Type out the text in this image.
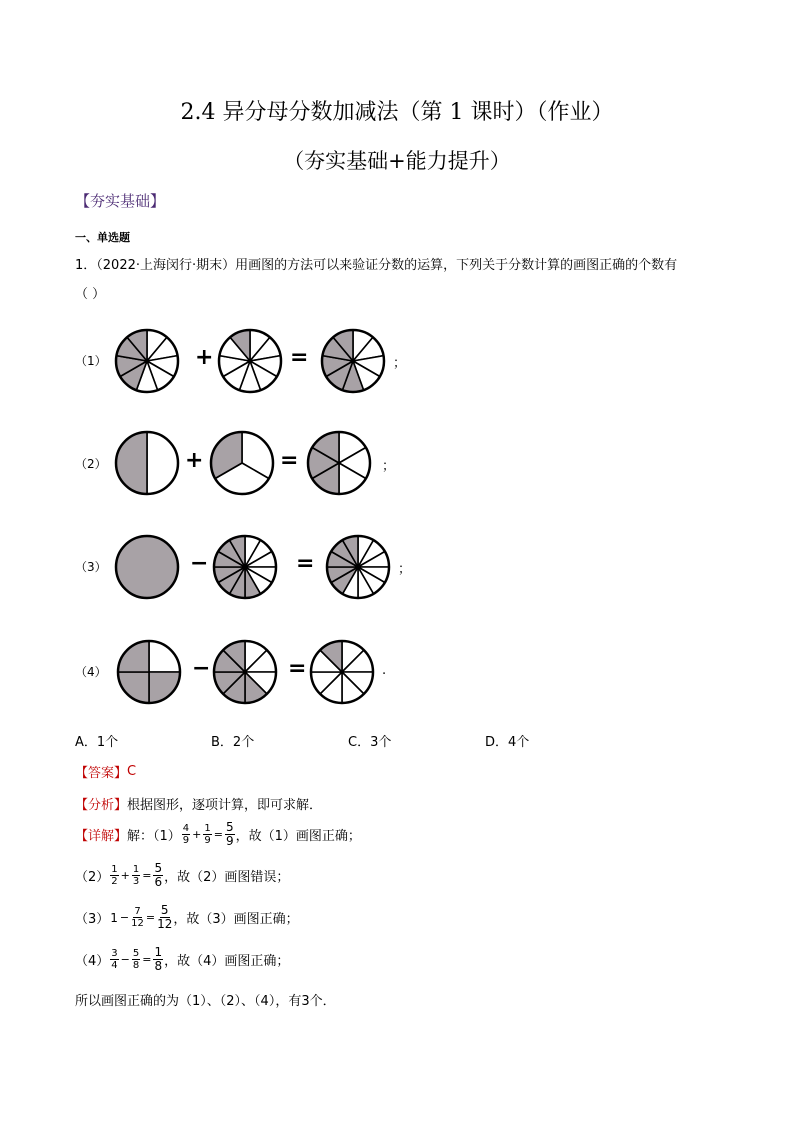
2.4 异分母分数加减法（第 1 课时）（作业）
（夯实基础+能力提升）
【夯实基础】
一、单选题
1．（2022·上海闵行·期末）用画图的方法可以来验证分数的运算，下列关于分数计算的画图正确的个数有
（ ）
（1）	+	=	；
（2）	+	=	；
（3）	−	=	；
（4）	−	=	.
A．1个	B．2个	C．3个	D．4个
【答案】 C
【分析】 根据图形，逐项计算，即可求解．
【详解】 解：$(1) \frac{4}{9} + \frac{1}{9} = \frac{5}{9}$ ，故（1）画图正确；
$(2) \frac{1}{2} + \frac{1}{3} = \frac{5}{6}$ ，故（2）画图错误；
（3） $1 - \frac{7}{12} = \frac{5}{12}$ ，故（3）画图正确；
$(4) \frac{3}{4} - \frac{5}{8} = \frac{1}{8}$ ，故（4）画图正确；
所以画图正确的为（1）、（2）、（4），有3个．
